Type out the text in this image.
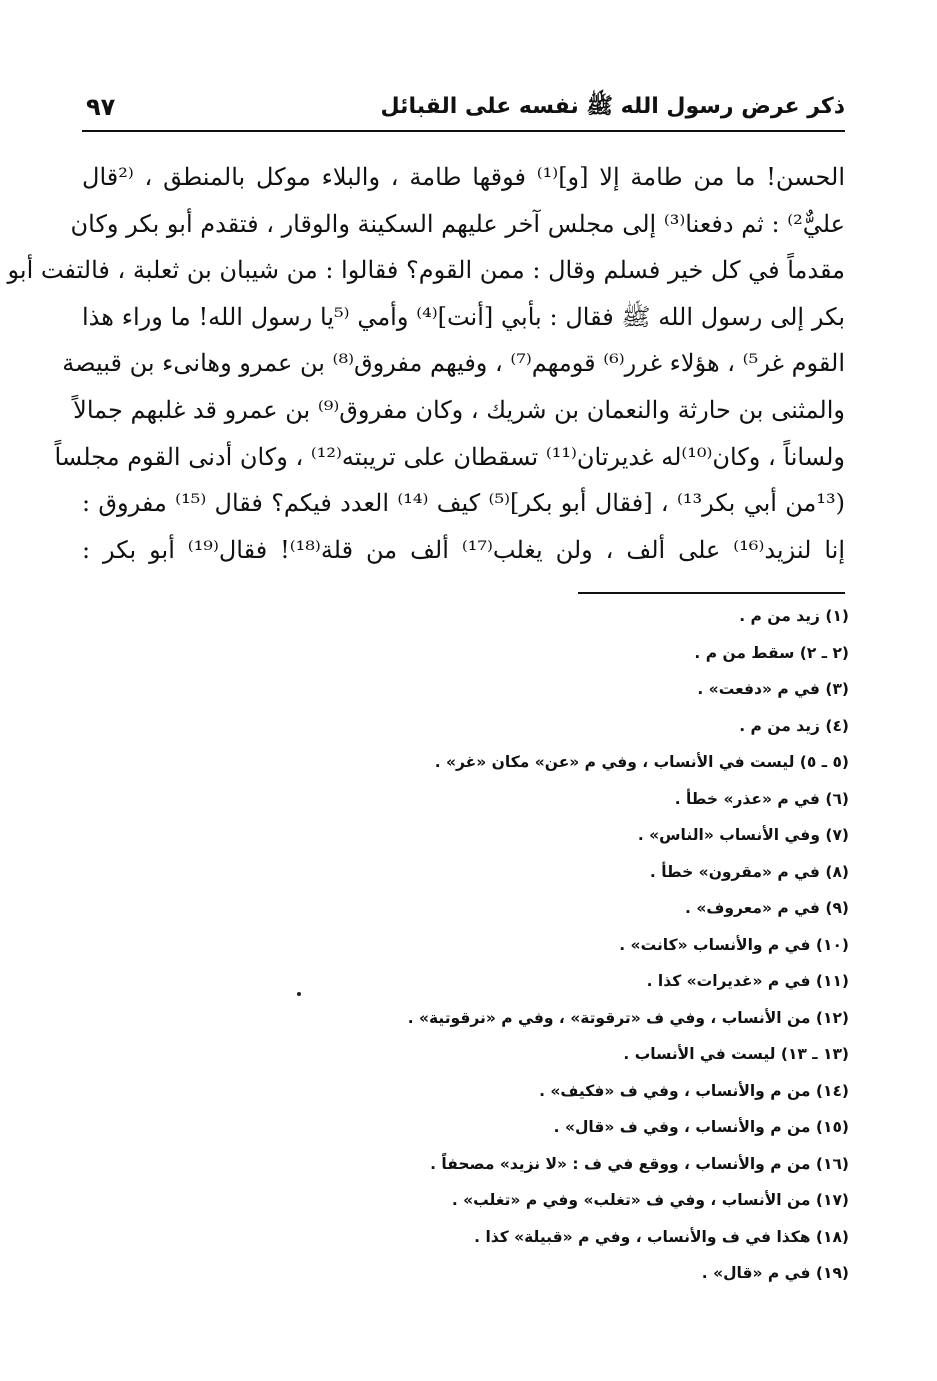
ذكر عرض رسول الله ﷺ نفسه على القبائل
٩٧
الحسن! ما من طامة إلا [و]⁽¹⁾ فوقها طامة ، والبلاء موكل بالمنطق ، ⁽²قال
عليٌّ²⁾ : ثم دفعنا⁽³⁾ إلى مجلس آخر عليهم السكينة والوقار ، فتقدم أبو بكر وكان
مقدماً في كل خير فسلم وقال : ممن القوم؟ فقالوا : من شيبان بن ثعلبة ، فالتفت أبو
بكر إلى رسول الله ﷺ فقال : بأبي [أنت]⁽⁴⁾ وأمي ⁽⁵يا رسول الله! ما وراء هذا
القوم غر⁵⁾ ، هؤلاء غرر⁽⁶⁾ قومهم⁽⁷⁾ ، وفيهم مفروق⁽⁸⁾ بن عمرو وهانىء بن قبيصة
والمثنى بن حارثة والنعمان بن شريك ، وكان مفروق⁽⁹⁾ بن عمرو قد غلبهم جمالاً
ولساناً ، وكان⁽¹⁰⁾له غديرتان⁽¹¹⁾ تسقطان على تريبته⁽¹²⁾ ، وكان أدنى القوم مجلساً
(¹³من أبي بكر¹³⁾ ، [فقال أبو بكر]⁽⁵⁾ كيف ⁽¹⁴⁾ العدد فيكم؟ فقال ⁽¹⁵⁾ مفروق :
إنا لنزيد⁽¹⁶⁾ على ألف ، ولن يغلب⁽¹⁷⁾ ألف من قلة⁽¹⁸⁾! فقال⁽¹⁹⁾ أبو بكر :
(١) زيد من م .
(٢ ـ ٢) سقط من م .
(٣) في م «دفعت» .
(٤) زيد من م .
(٥ ـ ٥) ليست في الأنساب ، وفي م «عن» مكان «غر» .
(٦) في م «عذر» خطأ .
(٧) وفي الأنساب «الناس» .
(٨) في م «مقرون» خطأ .
(٩) في م «معروف» .
(١٠) في م والأنساب «كانت» .
(١١) في م «غديرات» كذا .
(١٢) من الأنساب ، وفي ف «ترقوتة» ، وفي م «نرقوتية» .
(١٣ ـ ١٣) ليست في الأنساب .
(١٤) من م والأنساب ، وفي ف «فكيف» .
(١٥) من م والأنساب ، وفي ف «قال» .
(١٦) من م والأنساب ، ووقع في ف : «لا نزيد» مصحفاً .
(١٧) من الأنساب ، وفي ف «تغلب» وفي م «تغلب» .
(١٨) هكذا في ف والأنساب ، وفي م «قبيلة» كذا .
(١٩) في م «قال» .
